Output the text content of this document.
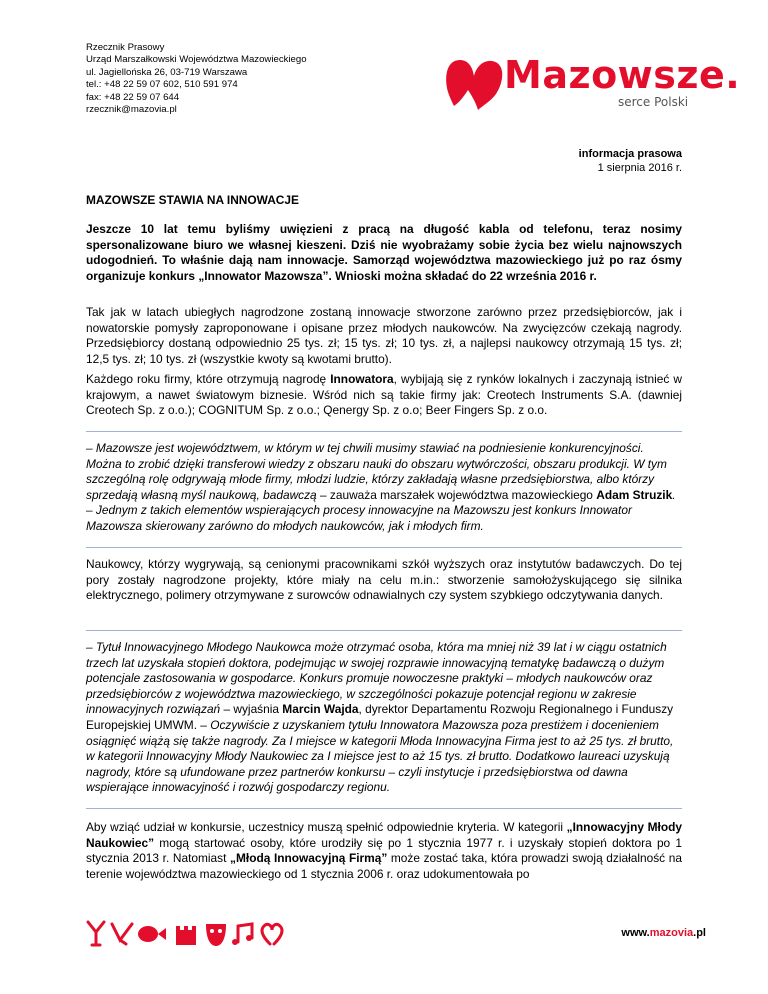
Rzecznik Prasowy
Urząd Marszałkowski Województwa Mazowieckiego
ul. Jagiellońska 26, 03-719 Warszawa
tel.: +48 22 59 07 602, 510 591 974
fax: +48 22 59 07 644
rzecznik@mazovia.pl
Mazowsze.
serce Polski
informacja prasowa
1 sierpnia 2016 r.
MAZOWSZE STAWIA NA INNOWACJE
Jeszcze 10 lat temu byliśmy uwięzieni z pracą na długość kabla od telefonu, teraz nosimy spersonalizowane biuro we własnej kieszeni. Dziś nie wyobrażamy sobie życia bez wielu najnowszych udogodnień. To właśnie dają nam innowacje. Samorząd województwa mazowieckiego już po raz ósmy organizuje konkurs „Innowator Mazowsza”. Wnioski można składać do 22 września 2016 r.
Tak jak w latach ubiegłych nagrodzone zostaną innowacje stworzone zarówno przez przedsiębiorców, jak i nowatorskie pomysły zaproponowane i opisane przez młodych naukowców. Na zwycięzców czekają nagrody. Przedsiębiorcy dostaną odpowiednio 25 tys. zł; 15 tys. zł; 10 tys. zł, a najlepsi naukowcy otrzymają 15 tys. zł; 12,5 tys. zł; 10 tys. zł (wszystkie kwoty są kwotami brutto).
Każdego roku firmy, które otrzymują nagrodę Innowatora, wybijają się z rynków lokalnych i zaczynają istnieć w krajowym, a nawet światowym biznesie. Wśród nich są takie firmy jak: Creotech Instruments S.A. (dawniej Creotech Sp. z o.o.); COGNITUM Sp. z o.o.; Qenergy Sp. z o.o; Beer Fingers Sp. z o.o.
– Mazowsze jest województwem, w którym w tej chwili musimy stawiać na podniesienie konkurencyjności. Można to zrobić dzięki transferowi wiedzy z obszaru nauki do obszaru wytwórczości, obszaru produkcji. W tym szczególną rolę odgrywają młode firmy, młodzi ludzie, którzy zakładają własne przedsiębiorstwa, albo którzy sprzedają własną myśl naukową, badawczą – zauważa marszałek województwa mazowieckiego Adam Struzik. – Jednym z takich elementów wspierających procesy innowacyjne na Mazowszu jest konkurs Innowator Mazowsza skierowany zarówno do młodych naukowców, jak i młodych firm.
Naukowcy, którzy wygrywają, są cenionymi pracownikami szkół wyższych oraz instytutów badawczych. Do tej pory zostały nagrodzone projekty, które miały na celu m.in.: stworzenie samołożyskującego się silnika elektrycznego, polimery otrzymywane z surowców odnawialnych czy system szybkiego odczytywania danych.
– Tytuł Innowacyjnego Młodego Naukowca może otrzymać osoba, która ma mniej niż 39 lat i w ciągu ostatnich trzech lat uzyskała stopień doktora, podejmując w swojej rozprawie innowacyjną tematykę badawczą o dużym potencjale zastosowania w gospodarce. Konkurs promuje nowoczesne praktyki – młodych naukowców oraz przedsiębiorców z województwa mazowieckiego, w szczególności pokazuje potencjał regionu w zakresie innowacyjnych rozwiązań – wyjaśnia Marcin Wajda, dyrektor Departamentu Rozwoju Regionalnego i Funduszy Europejskiej UMWM. – Oczywiście z uzyskaniem tytułu Innowatora Mazowsza poza prestiżem i docenieniem osiągnięć wiążą się także nagrody. Za I miejsce w kategorii Młoda Innowacyjna Firma jest to aż 25 tys. zł brutto, w kategorii Innowacyjny Młody Naukowiec za I miejsce jest to aż 15 tys. zł brutto. Dodatkowo laureaci uzyskują nagrody, które są ufundowane przez partnerów konkursu – czyli instytucje i przedsiębiorstwa od dawna wspierające innowacyjność i rozwój gospodarczy regionu.
Aby wziąć udział w konkursie, uczestnicy muszą spełnić odpowiednie kryteria. W kategorii „Innowacyjny Młody Naukowiec” mogą startować osoby, które urodziły się po 1 stycznia 1977 r. i uzyskały stopień doktora po 1 stycznia 2013 r. Natomiast „Młodą Innowacyjną Firmą” może zostać taka, która prowadzi swoją działalność na terenie województwa mazowieckiego od 1 stycznia 2006 r. oraz udokumentowała po
www.mazovia.pl
